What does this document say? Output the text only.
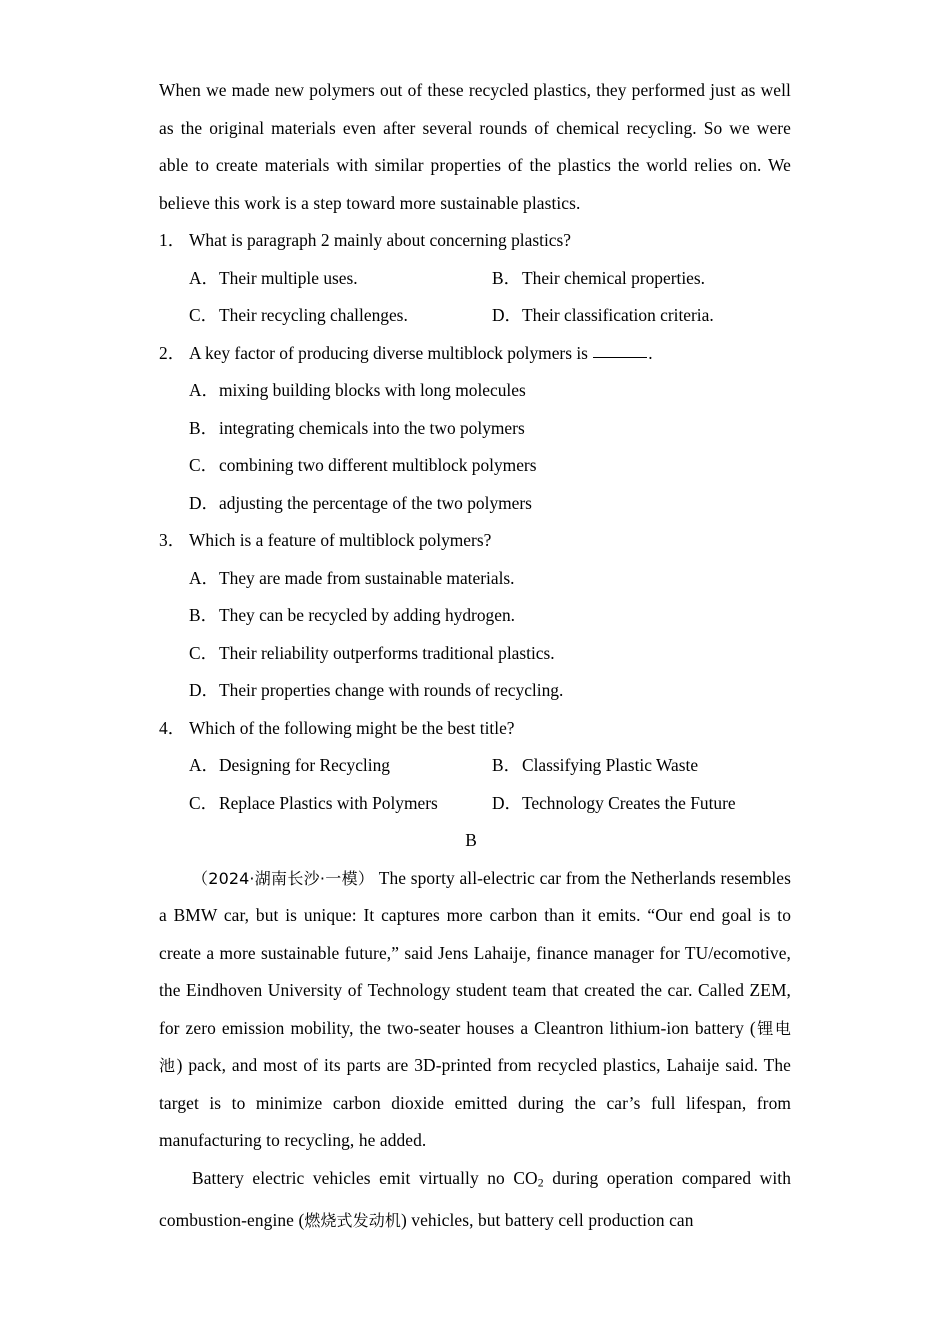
When we made new polymers out of these recycled plastics, they performed just as well as the original materials even after several rounds of chemical recycling. So we were able to create materials with similar properties of the plastics the world relies on. We believe this work is a step toward more sustainable plastics.

1． What is paragraph 2 mainly about concerning plastics?

A．Their multiple uses.	B．Their chemical properties.
C．Their recycling challenges.	D．Their classification criteria.

2． A key factor of producing diverse multiblock polymers is	.

A．mixing building blocks with long molecules

B．integrating chemicals into the two polymers

C．combining two different multiblock polymers

D．adjusting the percentage of the two polymers

3． Which is a feature of multiblock polymers?

A．They are made from sustainable materials.

B．They can be recycled by adding hydrogen.

C．Their reliability outperforms traditional plastics.

D．Their properties change with rounds of recycling.

4． Which of the following might be the best title?

A．Designing for Recycling	B．Classifying Plastic Waste
C．Replace Plastics with Polymers	D．Technology Creates the Future

B

（2024·湖南长沙·一模） The sporty all-electric car from the Netherlands resembles a BMW car, but is unique: It captures more carbon than it emits. “Our end goal is to create a more sustainable future,” said Jens Lahaije, finance manager for TU/ecomotive, the Eindhoven University of Technology student team that created the car. Called ZEM, for zero emission mobility, the two-seater houses a Cleantron lithium-ion battery (锂电池) pack, and most of its parts are 3D-printed from recycled plastics, Lahaije said. The target is to minimize carbon dioxide emitted during the car’s full lifespan, from manufacturing to recycling, he added.

Battery electric vehicles emit virtually no $CO_2$ during operation compared with combustion-engine (燃烧式发动机) vehicles, but battery cell production can
